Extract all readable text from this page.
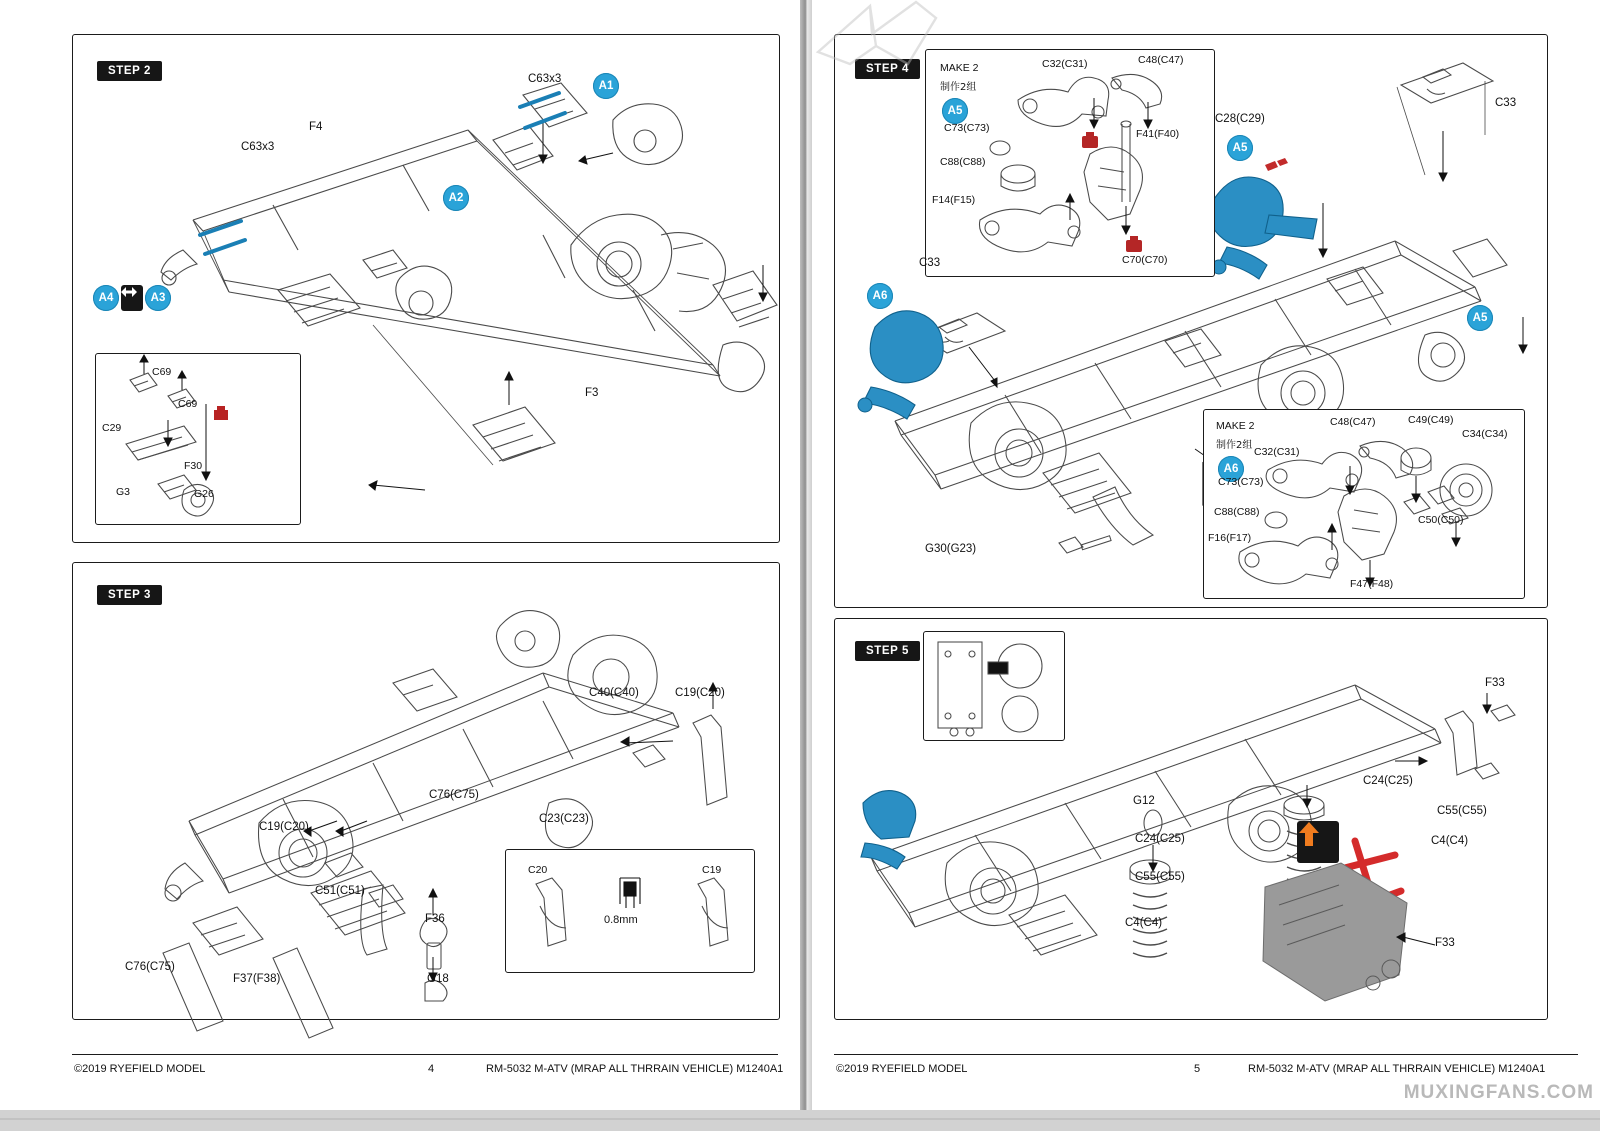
STEP 2
C63x3
C63x3
F4
F3
A1
A2
A3
A4
C69
C69
C29
F30
G3	G26
STEP 3
C40(C40)	C19(C20)
C76(C75)
C23(C23)
C19(C20)
C51(C51)
F36
G18
C76(C75)
F37(F38)
C20	C19
0.8mm
©2019 RYEFIELD MODEL	4	RM-5032 M-ATV (MRAP ALL THRRAIN VEHICLE) M1240A1
STEP 4	MAKE 2
制作2组
A5
C32(C31)	C48(C47)
C73(C73)	F41(F40)
C88(C88)
F14(F15)
C70(C70)
MAKE 2
制作2组
A6
C48(C47)	C49(C49)
C34(C34)
C32(C31)
C73(C73)
C88(C88)
C50(C50)
F16(F17)
F47(F48)
C28(C29)
C33
C33
G30(G23)
A5
A5
A6
STEP 5
F33
C24(C25)
C55(C55)
C4(C4)
G12
C24(C25)
C55(C55)
C4(C4)
F33
MUXINGFANS.COM
©2019 RYEFIELD MODEL	5	RM-5032 M-ATV (MRAP ALL THRRAIN VEHICLE) M1240A1
